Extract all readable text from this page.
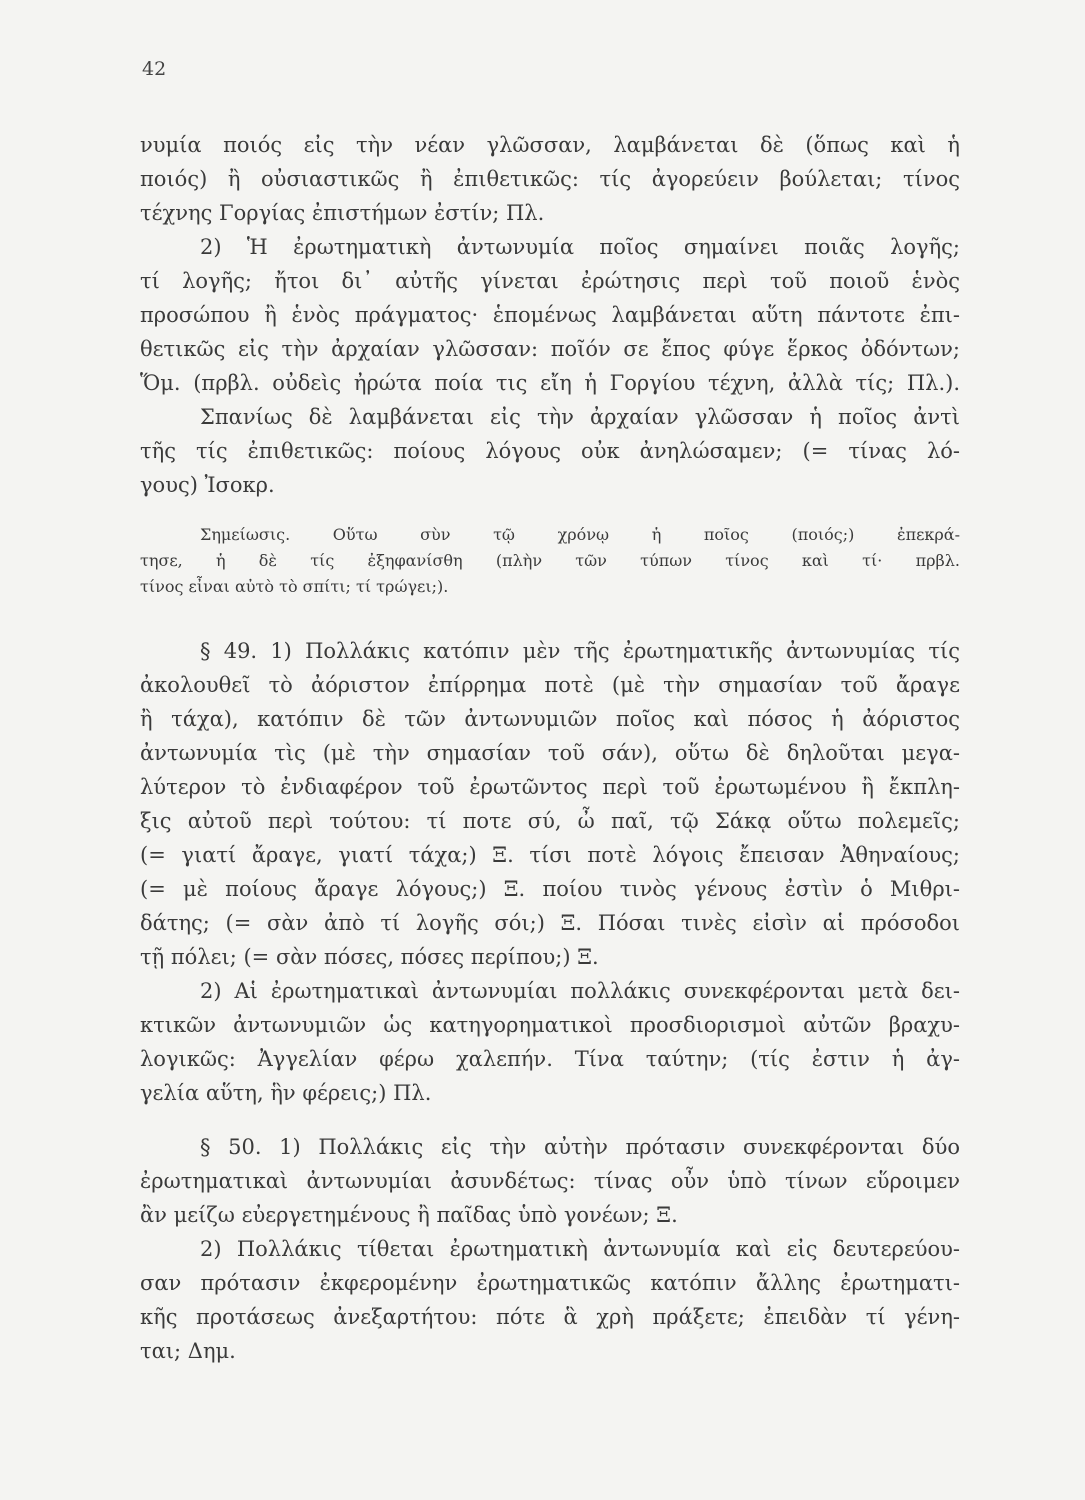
42
νυμία ποιός εἰς τὴν νέαν γλῶσσαν, λαμβάνεται δὲ (ὅπως καὶ ἡ
ποιός) ἢ οὐσιαστικῶς ἢ ἐπιθετικῶς: τίς ἀγορεύειν βούλεται; τίνος
τέχνης Γοργίας ἐπιστήμων ἐστίν; Πλ.
2) Ἡ ἐρωτηματικὴ ἀντωνυμία ποῖος σημαίνει ποιᾶς λογῆς;
τί λογῆς; ἤτοι δι᾽ αὐτῆς γίνεται ἐρώτησις περὶ τοῦ ποιοῦ ἑνὸς
προσώπου ἢ ἑνὸς πράγματος· ἑπομένως λαμβάνεται αὕτη πάντοτε ἐπι-
θετικῶς εἰς τὴν ἀρχαίαν γλῶσσαν: ποῖόν σε ἔπος φύγε ἕρκος ὀδόντων;
Ὅμ. (πρβλ. οὐδεὶς ἠρώτα ποία τις εἴη ἡ Γοργίου τέχνη, ἀλλὰ τίς; Πλ.).
Σπανίως δὲ λαμβάνεται εἰς τὴν ἀρχαίαν γλῶσσαν ἡ ποῖος ἀντὶ
τῆς τίς ἐπιθετικῶς: ποίους λόγους οὐκ ἀνηλώσαμεν; (= τίνας λό-
γους) Ἰσοκρ.
Σημείωσις. Οὕτω σὺν τῷ χρόνῳ ἡ ποῖος (ποιός;) ἐπεκρά-
τησε, ἡ δὲ τίς ἐξηφανίσθη (πλὴν τῶν τύπων τίνος καὶ τί· πρβλ.
τίνος εἶναι αὐτὸ τὸ σπίτι; τί τρώγει;).
§ 49. 1) Πολλάκις κατόπιν μὲν τῆς ἐρωτηματικῆς ἀντωνυμίας τίς
ἀκολουθεῖ τὸ ἀόριστον ἐπίρρημα ποτὲ (μὲ τὴν σημασίαν τοῦ ἄραγε
ἢ τάχα), κατόπιν δὲ τῶν ἀντωνυμιῶν ποῖος καὶ πόσος ἡ ἀόριστος
ἀντωνυμία τὶς (μὲ τὴν σημασίαν τοῦ σάν), οὕτω δὲ δηλοῦται μεγα-
λύτερον τὸ ἐνδιαφέρον τοῦ ἐρωτῶντος περὶ τοῦ ἐρωτωμένου ἢ ἔκπλη-
ξις αὐτοῦ περὶ τούτου: τί ποτε σύ, ὦ παῖ, τῷ Σάκᾳ οὕτω πολεμεῖς;
(= γιατί ἄραγε, γιατί τάχα;) Ξ. τίσι ποτὲ λόγοις ἔπεισαν Ἀθηναίους;
(= μὲ ποίους ἄραγε λόγους;) Ξ. ποίου τινὸς γένους ἐστὶν ὁ Μιθρι-
δάτης; (= σὰν ἀπὸ τί λογῆς σόι;) Ξ. Πόσαι τινὲς εἰσὶν αἱ πρόσοδοι
τῇ πόλει; (= σὰν πόσες, πόσες περίπου;) Ξ.
2) Αἱ ἐρωτηματικαὶ ἀντωνυμίαι πολλάκις συνεκφέρονται μετὰ δει-
κτικῶν ἀντωνυμιῶν ὡς κατηγορηματικοὶ προσδιορισμοὶ αὐτῶν βραχυ-
λογικῶς: Ἀγγελίαν φέρω χαλεπήν. Τίνα ταύτην; (τίς ἐστιν ἡ ἀγ-
γελία αὕτη, ἣν φέρεις;) Πλ.
§ 50. 1) Πολλάκις εἰς τὴν αὐτὴν πρότασιν συνεκφέρονται δύο
ἐρωτηματικαὶ ἀντωνυμίαι ἀσυνδέτως: τίνας οὖν ὑπὸ τίνων εὕροιμεν
ἂν μείζω εὐεργετημένους ἢ παῖδας ὑπὸ γονέων; Ξ.
2) Πολλάκις τίθεται ἐρωτηματικὴ ἀντωνυμία καὶ εἰς δευτερεύου-
σαν πρότασιν ἐκφερομένην ἐρωτηματικῶς κατόπιν ἄλλης ἐρωτηματι-
κῆς προτάσεως ἀνεξαρτήτου: πότε ἃ χρὴ πράξετε; ἐπειδὰν τί γένη-
ται; Δημ.
